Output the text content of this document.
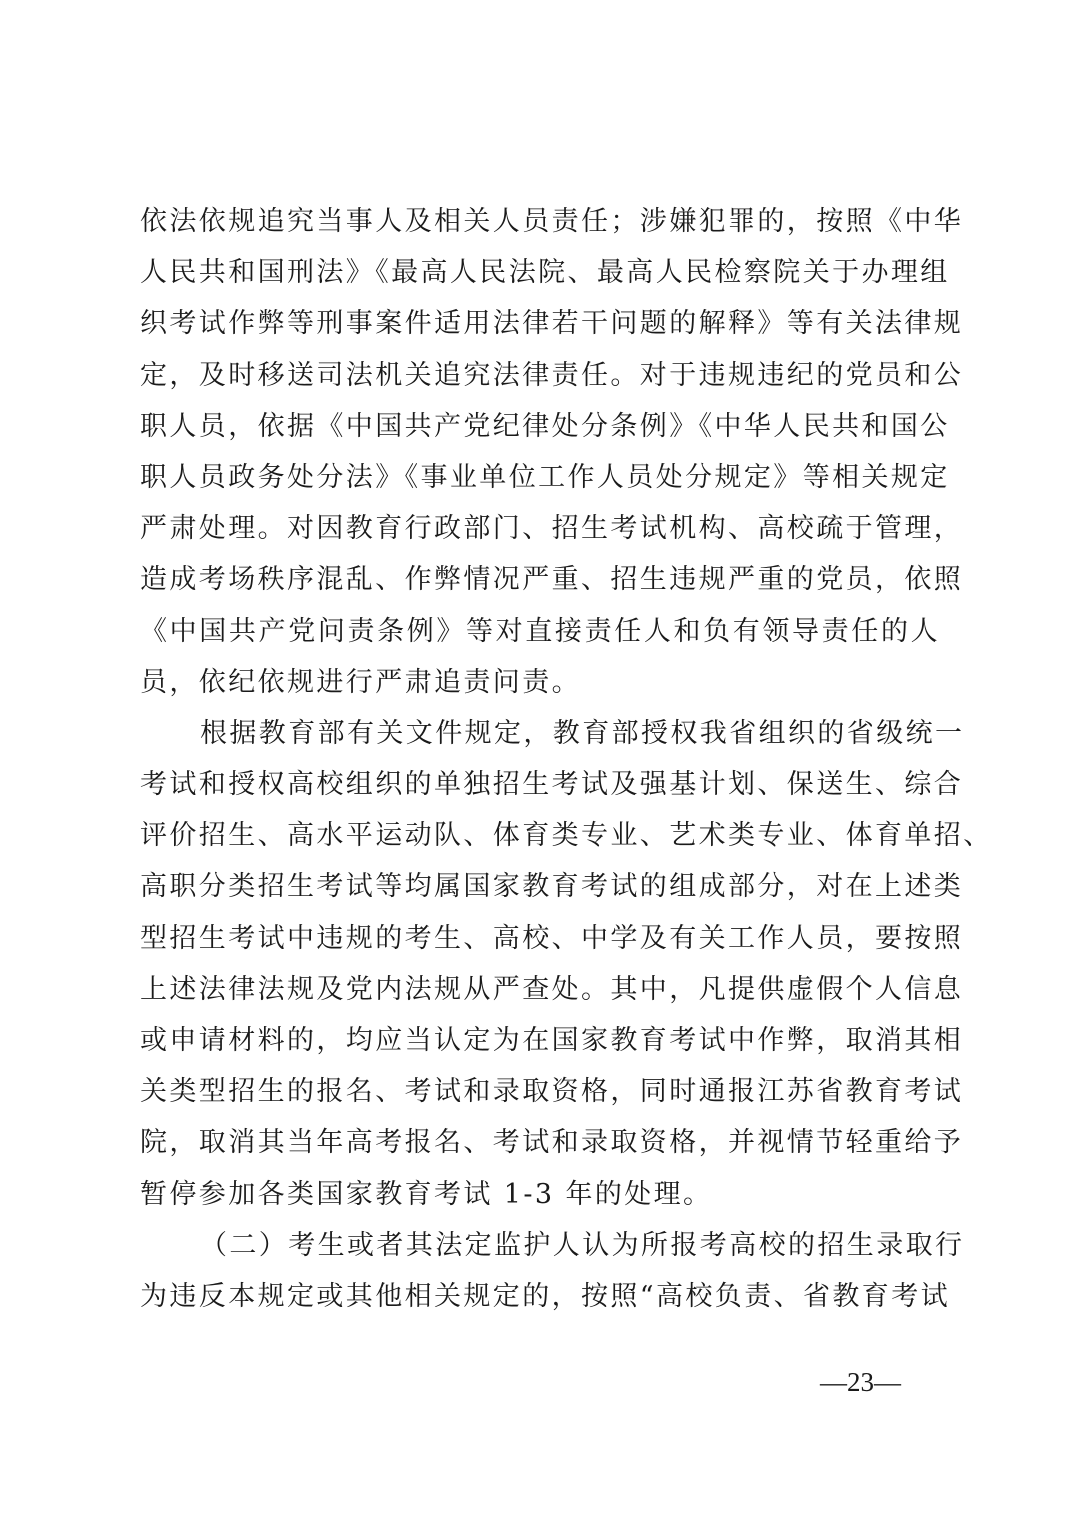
依法依规追究当事人及相关人员责任；涉嫌犯罪的，按照《中华
人民共和国刑法》《最高人民法院、最高人民检察院关于办理组
织考试作弊等刑事案件适用法律若干问题的解释》等有关法律规
定，及时移送司法机关追究法律责任。对于违规违纪的党员和公
职人员，依据《中国共产党纪律处分条例》《中华人民共和国公
职人员政务处分法》《事业单位工作人员处分规定》等相关规定
严肃处理。对因教育行政部门、招生考试机构、高校疏于管理，
造成考场秩序混乱、作弊情况严重、招生违规严重的党员，依照
《中国共产党问责条例》等对直接责任人和负有领导责任的人
员，依纪依规进行严肃追责问责。
根据教育部有关文件规定，教育部授权我省组织的省级统一
考试和授权高校组织的单独招生考试及强基计划、保送生、综合
评价招生、高水平运动队、体育类专业、艺术类专业、体育单招、
高职分类招生考试等均属国家教育考试的组成部分，对在上述类
型招生考试中违规的考生、高校、中学及有关工作人员，要按照
上述法律法规及党内法规从严查处。其中，凡提供虚假个人信息
或申请材料的，均应当认定为在国家教育考试中作弊，取消其相
关类型招生的报名、考试和录取资格，同时通报江苏省教育考试
院，取消其当年高考报名、考试和录取资格，并视情节轻重给予
暂停参加各类国家教育考试 1-3 年的处理。
（二）考生或者其法定监护人认为所报考高校的招生录取行
为违反本规定或其他相关规定的，按照“高校负责、省教育考试
—23—
